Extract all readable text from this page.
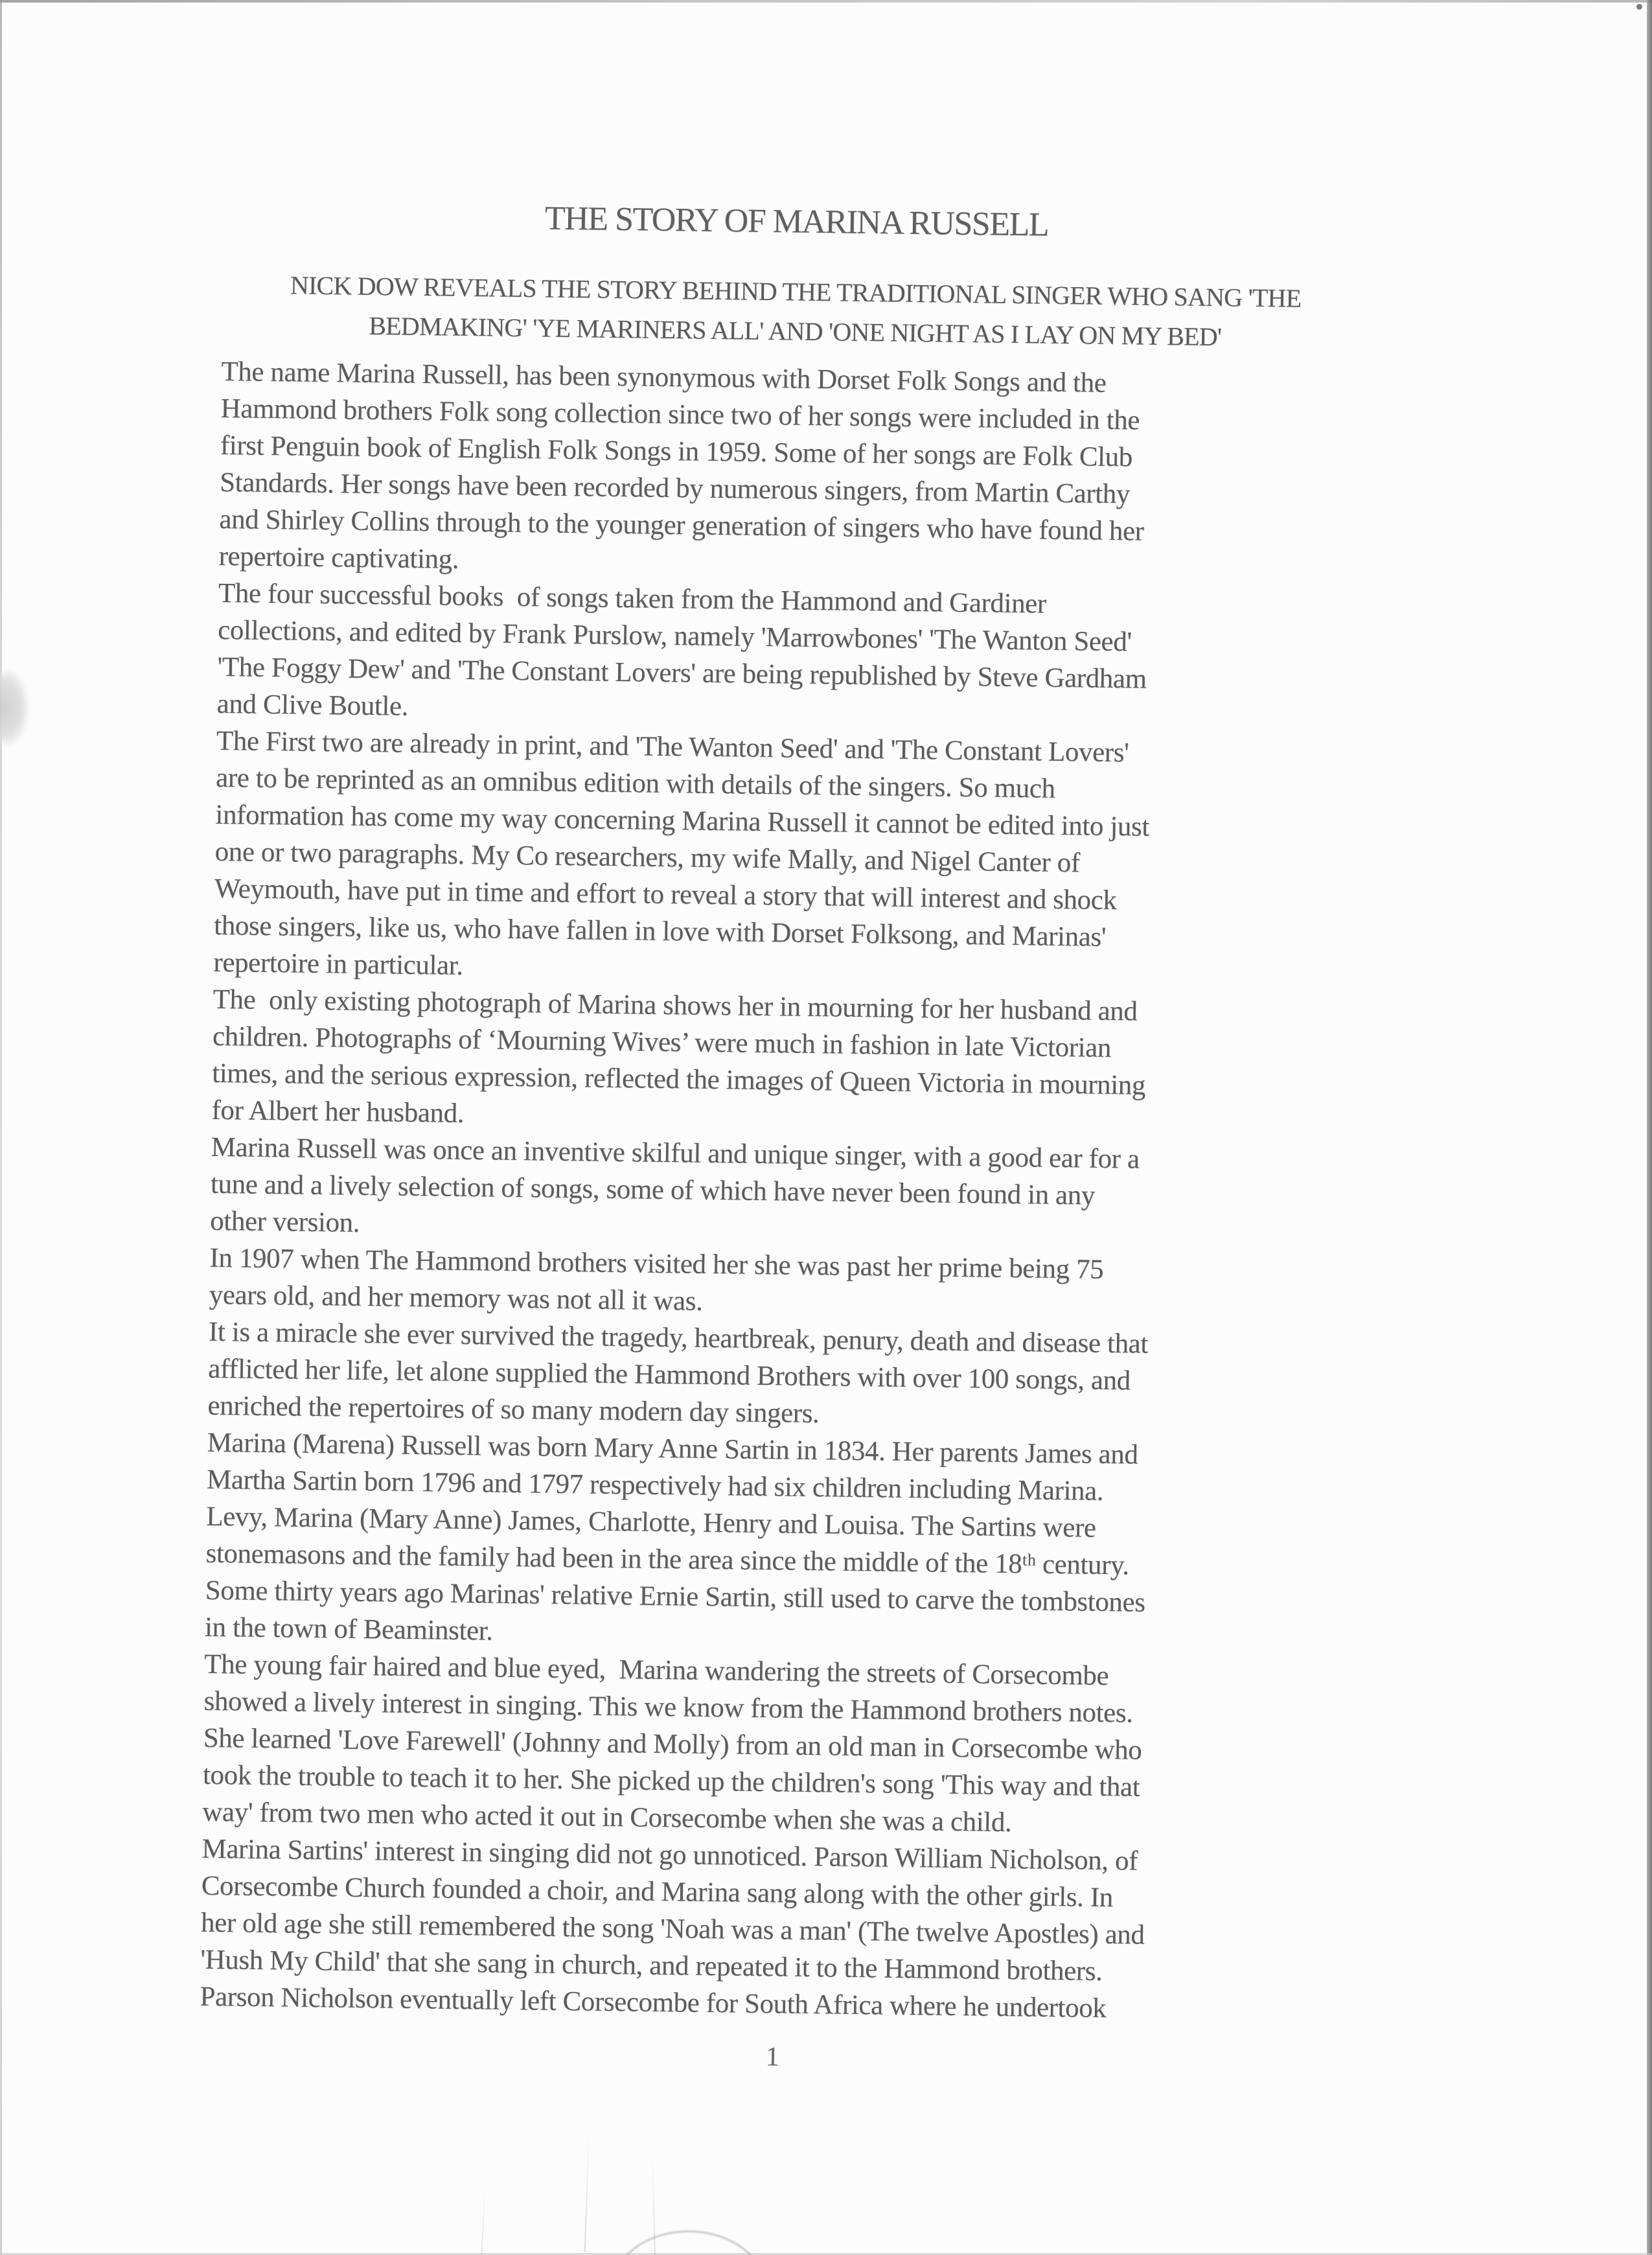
THE STORY OF MARINA RUSSELL
NICK DOW REVEALS THE STORY BEHIND THE TRADITIONAL SINGER WHO SANG 'THE
BEDMAKING' 'YE MARINERS ALL' AND 'ONE NIGHT AS I LAY ON MY BED'

The name Marina Russell, has been synonymous with Dorset Folk Songs and the
Hammond brothers Folk song collection since two of her songs were included in the
first Penguin book of English Folk Songs in 1959. Some of her songs are Folk Club
Standards. Her songs have been recorded by numerous singers, from Martin Carthy
and Shirley Collins through to the younger generation of singers who have found her
repertoire captivating.

The four successful books  of songs taken from the Hammond and Gardiner
collections, and edited by Frank Purslow, namely 'Marrowbones' 'The Wanton Seed'
'The Foggy Dew' and 'The Constant Lovers' are being republished by Steve Gardham
and Clive Boutle.

The First two are already in print, and 'The Wanton Seed' and 'The Constant Lovers'
are to be reprinted as an omnibus edition with details of the singers. So much
information has come my way concerning Marina Russell it cannot be edited into just
one or two paragraphs. My Co researchers, my wife Mally, and Nigel Canter of
Weymouth, have put in time and effort to reveal a story that will interest and shock
those singers, like us, who have fallen in love with Dorset Folksong, and Marinas'
repertoire in particular.

The  only existing photograph of Marina shows her in mourning for her husband and
children. Photographs of ‘Mourning Wives’ were much in fashion in late Victorian
times, and the serious expression, reflected the images of Queen Victoria in mourning
for Albert her husband.

Marina Russell was once an inventive skilful and unique singer, with a good ear for a
tune and a lively selection of songs, some of which have never been found in any
other version.

In 1907 when The Hammond brothers visited her she was past her prime being 75
years old, and her memory was not all it was.

It is a miracle she ever survived the tragedy, heartbreak, penury, death and disease that
afflicted her life, let alone supplied the Hammond Brothers with over 100 songs, and
enriched the repertoires of so many modern day singers.

Marina (Marena) Russell was born Mary Anne Sartin in 1834. Her parents James and
Martha Sartin born 1796 and 1797 respectively had six children including Marina.
Levy, Marina (Mary Anne) James, Charlotte, Henry and Louisa. The Sartins were
stonemasons and the family had been in the area since the middle of the 18ᵗʰ century.
Some thirty years ago Marinas' relative Ernie Sartin, still used to carve the tombstones
in the town of Beaminster.

The young fair haired and blue eyed,  Marina wandering the streets of Corsecombe
showed a lively interest in singing. This we know from the Hammond brothers notes.
She learned 'Love Farewell' (Johnny and Molly) from an old man in Corsecombe who
took the trouble to teach it to her. She picked up the children's song 'This way and that
way' from two men who acted it out in Corsecombe when she was a child.

Marina Sartins' interest in singing did not go unnoticed. Parson William Nicholson, of
Corsecombe Church founded a choir, and Marina sang along with the other girls. In
her old age she still remembered the song 'Noah was a man' (The twelve Apostles) and
'Hush My Child' that she sang in church, and repeated it to the Hammond brothers.
Parson Nicholson eventually left Corsecombe for South Africa where he undertook

1
